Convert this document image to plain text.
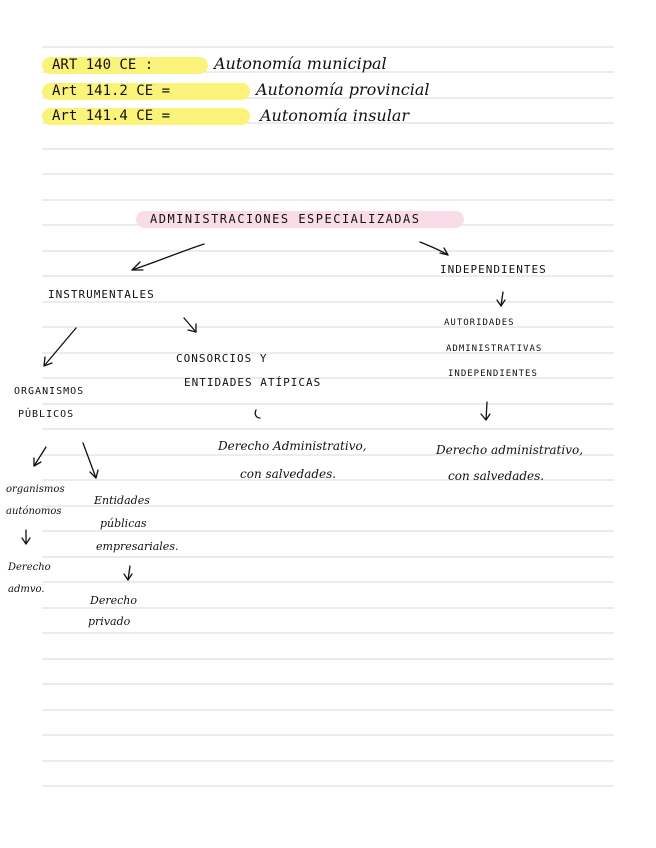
ART 140 CE :	Autonomía municipal
Art 141.2 CE =	Autonomía provincial
Art 141.4 CE =	Autonomía insular
ADMINISTRACIONES ESPECIALIZADAS
INSTRUMENTALES
ORGANISMOS
PÚBLICOS
organismos
autónomos
Derecho
admvo.
Entidades
públicas
empresariales.
Derecho
privado
CONSORCIOS Y
ENTIDADES ATÍPICAS
Derecho Administrativo,
con salvedades.
INDEPENDIENTES
AUTORIDADES
ADMINISTRATIVAS
INDEPENDIENTES
Derecho administrativo,
con salvedades.
